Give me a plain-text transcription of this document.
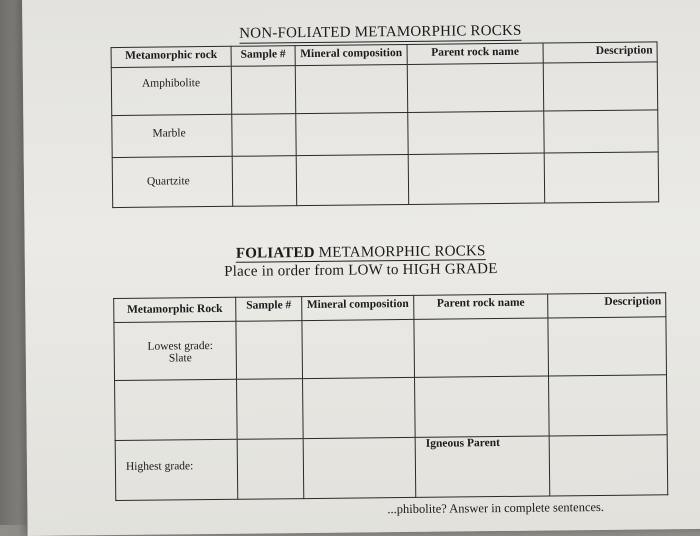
NON-FOLIATED METAMORPHIC ROCKS
Metamorphic rock	Sample #	Mineral composition	Parent rock name	Description
Amphibolite				
Marble				
Quartzite				
FOLIATED METAMORPHIC ROCKS
Place in order from LOW to HIGH GRADE
Metamorphic Rock	Sample #	Mineral composition	Parent rock name	Description

Lowest grade:
Slate				

Highest grade:			Igneous Parent	

...phibolite? Answer in complete sentences.
